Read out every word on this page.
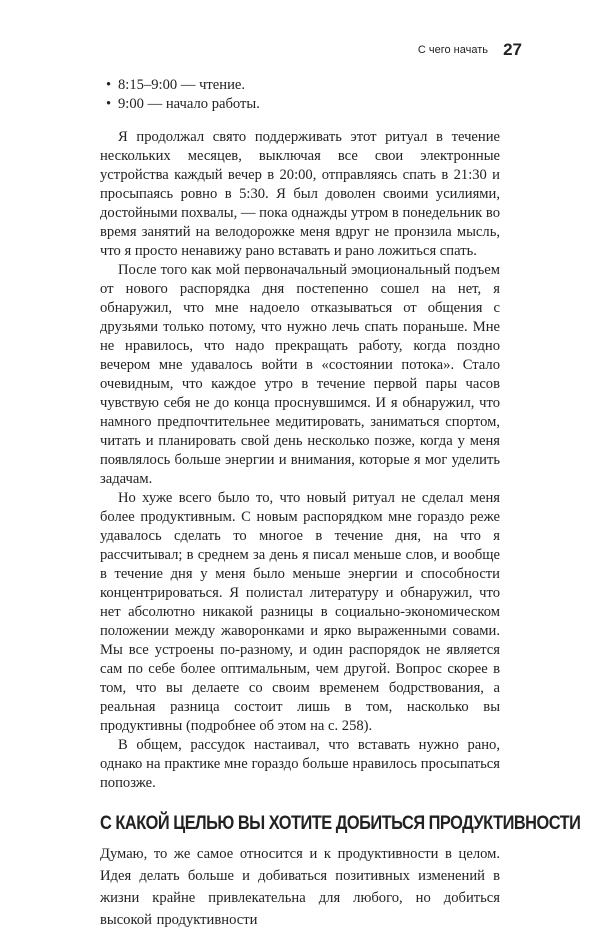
С чего начать 27
• 8:15–9:00 — чтение.
• 9:00 — начало работы.

Я продолжал свято поддерживать этот ритуал в течение нескольких месяцев, выключая все свои электронные устройства каждый вечер в 20:00, отправляясь спать в 21:30 и просыпаясь ровно в 5:30. Я был доволен своими усилиями, достойными похвалы, — пока однажды утром в понедельник во время занятий на велодорожке меня вдруг не пронзила мысль, что я просто ненавижу рано вставать и рано ложиться спать.

После того как мой первоначальный эмоциональный подъем от нового распорядка дня постепенно сошел на нет, я обнаружил, что мне надоело отказываться от общения с друзьями только потому, что нужно лечь спать пораньше. Мне не нравилось, что надо прекращать работу, когда поздно вечером мне удавалось войти в «состоянии потока». Стало очевидным, что каждое утро в течение первой пары часов чувствую себя не до конца проснувшимся. И я обнаружил, что намного предпочтительнее медитировать, заниматься спортом, читать и планировать свой день несколько позже, когда у меня появлялось больше энергии и внимания, которые я мог уделить задачам.

Но хуже всего было то, что новый ритуал не сделал меня более продуктивным. С новым распорядком мне гораздо реже удавалось сделать то многое в течение дня, на что я рассчитывал; в среднем за день я писал меньше слов, и вообще в течение дня у меня было меньше энергии и способности концентрироваться. Я полистал литературу и обнаружил, что нет абсолютно никакой разницы в социально-экономическом положении между жаворонками и ярко выраженными совами. Мы все устроены по-разному, и один распорядок не является сам по себе более оптимальным, чем другой. Вопрос скорее в том, что вы делаете со своим временем бодрствования, а реальная разница состоит лишь в том, насколько вы продуктивны (подробнее об этом на с. 258).

В общем, рассудок настаивал, что вставать нужно рано, однако на практике мне гораздо больше нравилось просыпаться попозже.

С КАКОЙ ЦЕЛЬЮ ВЫ ХОТИТЕ ДОБИТЬСЯ ПРОДУКТИВНОСТИ

Думаю, то же самое относится и к продуктивности в целом. Идея делать больше и добиваться позитивных изменений в жизни крайне привлекательна для любого, но добиться высокой продуктивности
